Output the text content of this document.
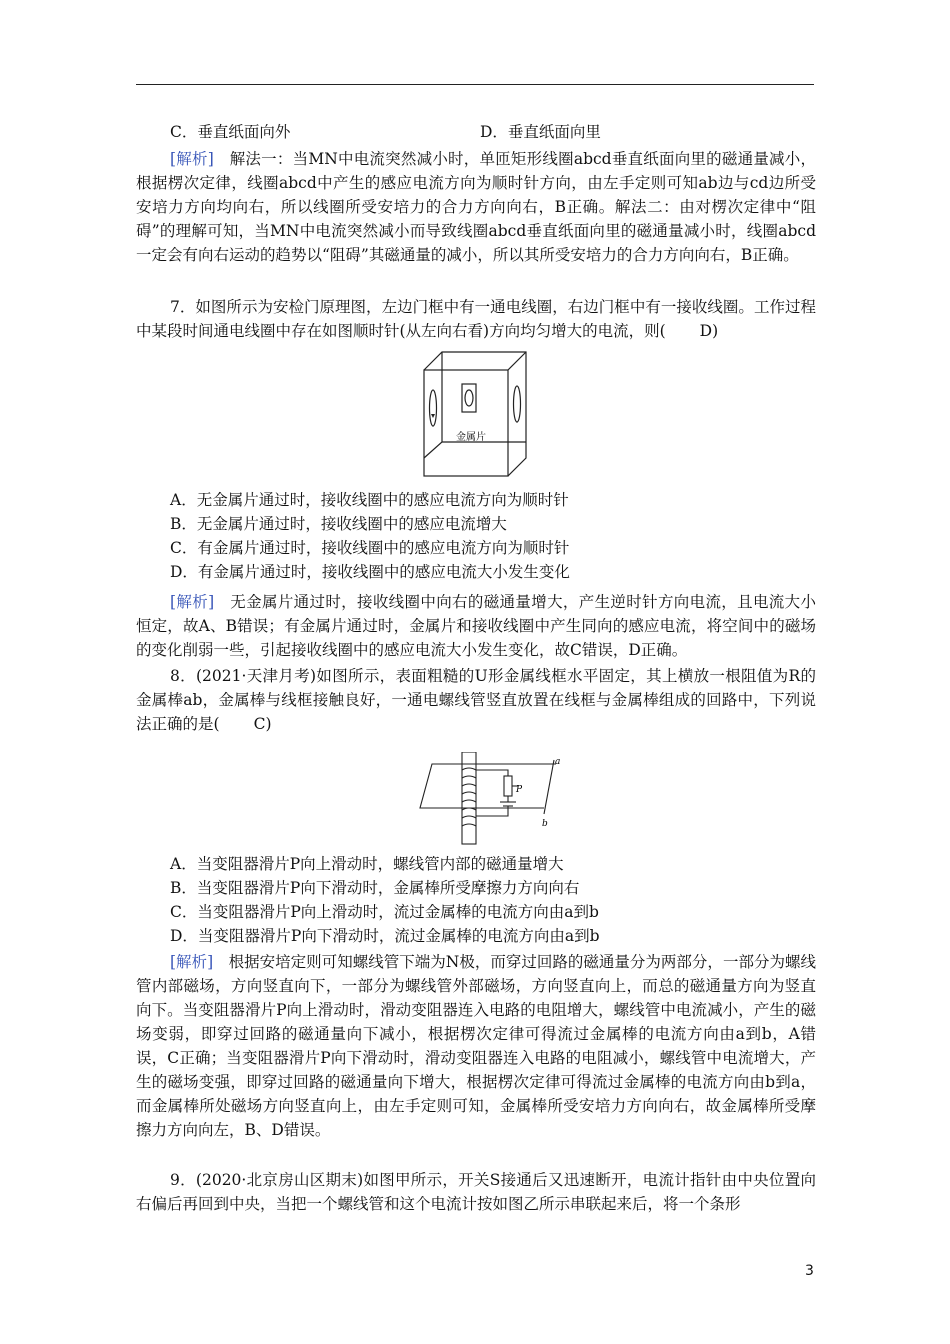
C．垂直纸面向外	D．垂直纸面向里
[解析]　解法一：当MN中电流突然减小时，单匝矩形线圈abcd垂直纸面向里的磁通量减小，根据楞次定律，线圈abcd中产生的感应电流方向为顺时针方向，由左手定则可知ab边与cd边所受安培力方向均向右，所以线圈所受安培力的合力方向向右，B正确。解法二：由对楞次定律中“阻碍”的理解可知，当MN中电流突然减小而导致线圈abcd垂直纸面向里的磁通量减小时，线圈abcd一定会有向右运动的趋势以“阻碍”其磁通量的减小，所以其所受安培力的合力方向向右，B正确。
7．如图所示为安检门原理图，左边门框中有一通电线圈，右边门框中有一接收线圈。工作过程中某段时间通电线圈中存在如图顺时针(从左向右看)方向均匀增大的电流，则( D)
金属片
A．无金属片通过时，接收线圈中的感应电流方向为顺时针
B．无金属片通过时，接收线圈中的感应电流增大
C．有金属片通过时，接收线圈中的感应电流方向为顺时针
D．有金属片通过时，接收线圈中的感应电流大小发生变化
[解析]　无金属片通过时，接收线圈中向右的磁通量增大，产生逆时针方向电流，且电流大小恒定，故A、B错误；有金属片通过时，金属片和接收线圈中产生同向的感应电流，将空间中的磁场的变化削弱一些，引起接收线圈中的感应电流大小发生变化，故C错误，D正确。
8．(2021·天津月考)如图所示，表面粗糙的U形金属线框水平固定，其上横放一根阻值为R的金属棒ab，金属棒与线框接触良好，一通电螺线管竖直放置在线框与金属棒组成的回路中，下列说法正确的是( C)
a
b
P
A．当变阻器滑片P向上滑动时，螺线管内部的磁通量增大
B．当变阻器滑片P向下滑动时，金属棒所受摩擦力方向向右
C．当变阻器滑片P向上滑动时，流过金属棒的电流方向由a到b
D．当变阻器滑片P向下滑动时，流过金属棒的电流方向由a到b
[解析]　根据安培定则可知螺线管下端为N极，而穿过回路的磁通量分为两部分，一部分为螺线管内部磁场，方向竖直向下，一部分为螺线管外部磁场，方向竖直向上，而总的磁通量方向为竖直向下。当变阻器滑片P向上滑动时，滑动变阻器连入电路的电阻增大，螺线管中电流减小，产生的磁场变弱，即穿过回路的磁通量向下减小，根据楞次定律可得流过金属棒的电流方向由a到b，A错误，C正确；当变阻器滑片P向下滑动时，滑动变阻器连入电路的电阻减小，螺线管中电流增大，产生的磁场变强，即穿过回路的磁通量向下增大，根据楞次定律可得流过金属棒的电流方向由b到a，而金属棒所处磁场方向竖直向上，由左手定则可知，金属棒所受安培力方向向右，故金属棒所受摩擦力方向向左，B、D错误。
9．(2020·北京房山区期末)如图甲所示，开关S接通后又迅速断开，电流计指针由中央位置向右偏后再回到中央，当把一个螺线管和这个电流计按如图乙所示串联起来后，将一个条形
3
